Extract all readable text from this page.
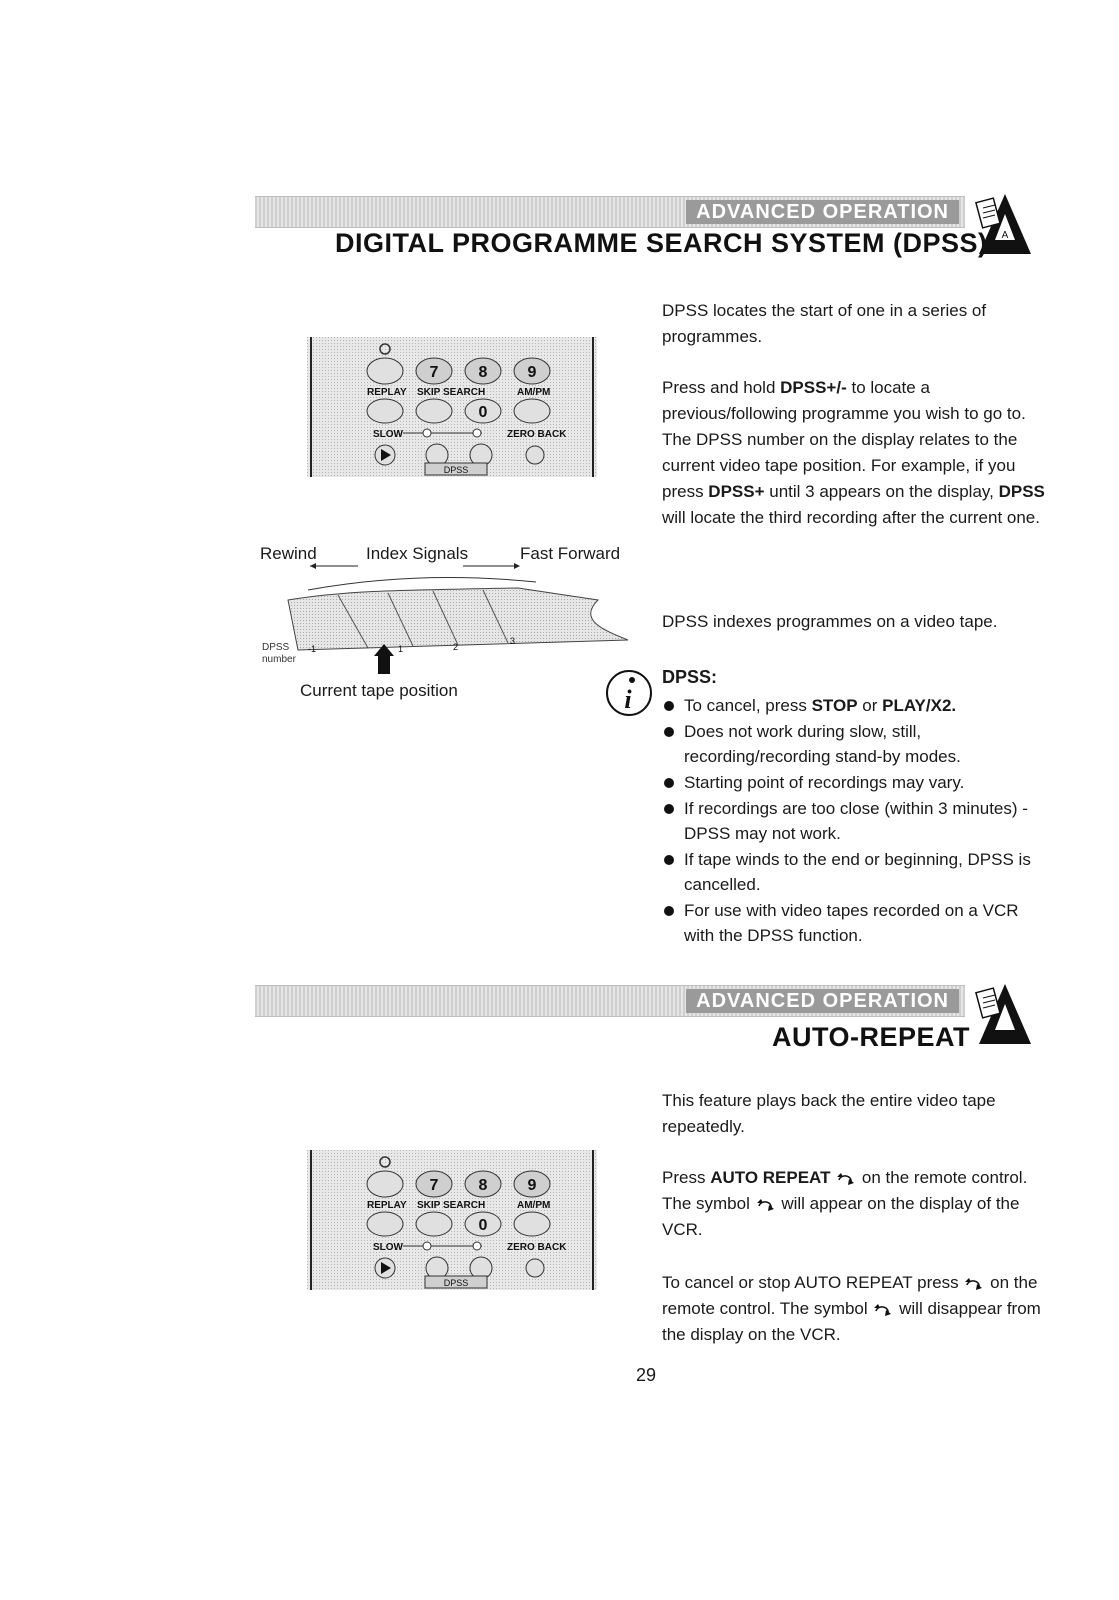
ADVANCED OPERATION
A
DIGITAL PROGRAMME SEARCH SYSTEM (DPSS)
7	8	9
REPLAY SKIP SEARCH	AM/PM
0
SLOW	ZERO BACK
DPSS
Rewind	Index Signals	Fast Forward
-1	1	2
3
DPSS number
Current tape position

DPSS locates the start of one in a series of programmes.

Press and hold DPSS+/- to locate a previous/following programme you wish to go to.

The DPSS number on the display relates to the current video tape position. For example, if you press DPSS+ until 3 appears on the display, DPSS will locate the third recording after the current one.

DPSS indexes programmes on a video tape.

i
DPSS:
To cancel, press STOP or PLAY/X2.
Does not work during slow, still, recording/recording stand-by modes.
Starting point of recordings may vary.
If recordings are too close (within 3 minutes) - DPSS may not work.
If tape winds to the end or beginning, DPSS is cancelled.
For use with video tapes recorded on a VCR with the DPSS function.
ADVANCED OPERATION
AUTO-REPEAT
7	8	9
REPLAY SKIP SEARCH	AM/PM
0
SLOW	ZERO BACK
DPSS

This feature plays back the entire video tape repeatedly.

Press AUTO REPEAT  on the remote control. The symbol  will appear on the display of the VCR.

To cancel or stop AUTO REPEAT press  on the remote control. The symbol  will disappear from the display on the VCR.

29
